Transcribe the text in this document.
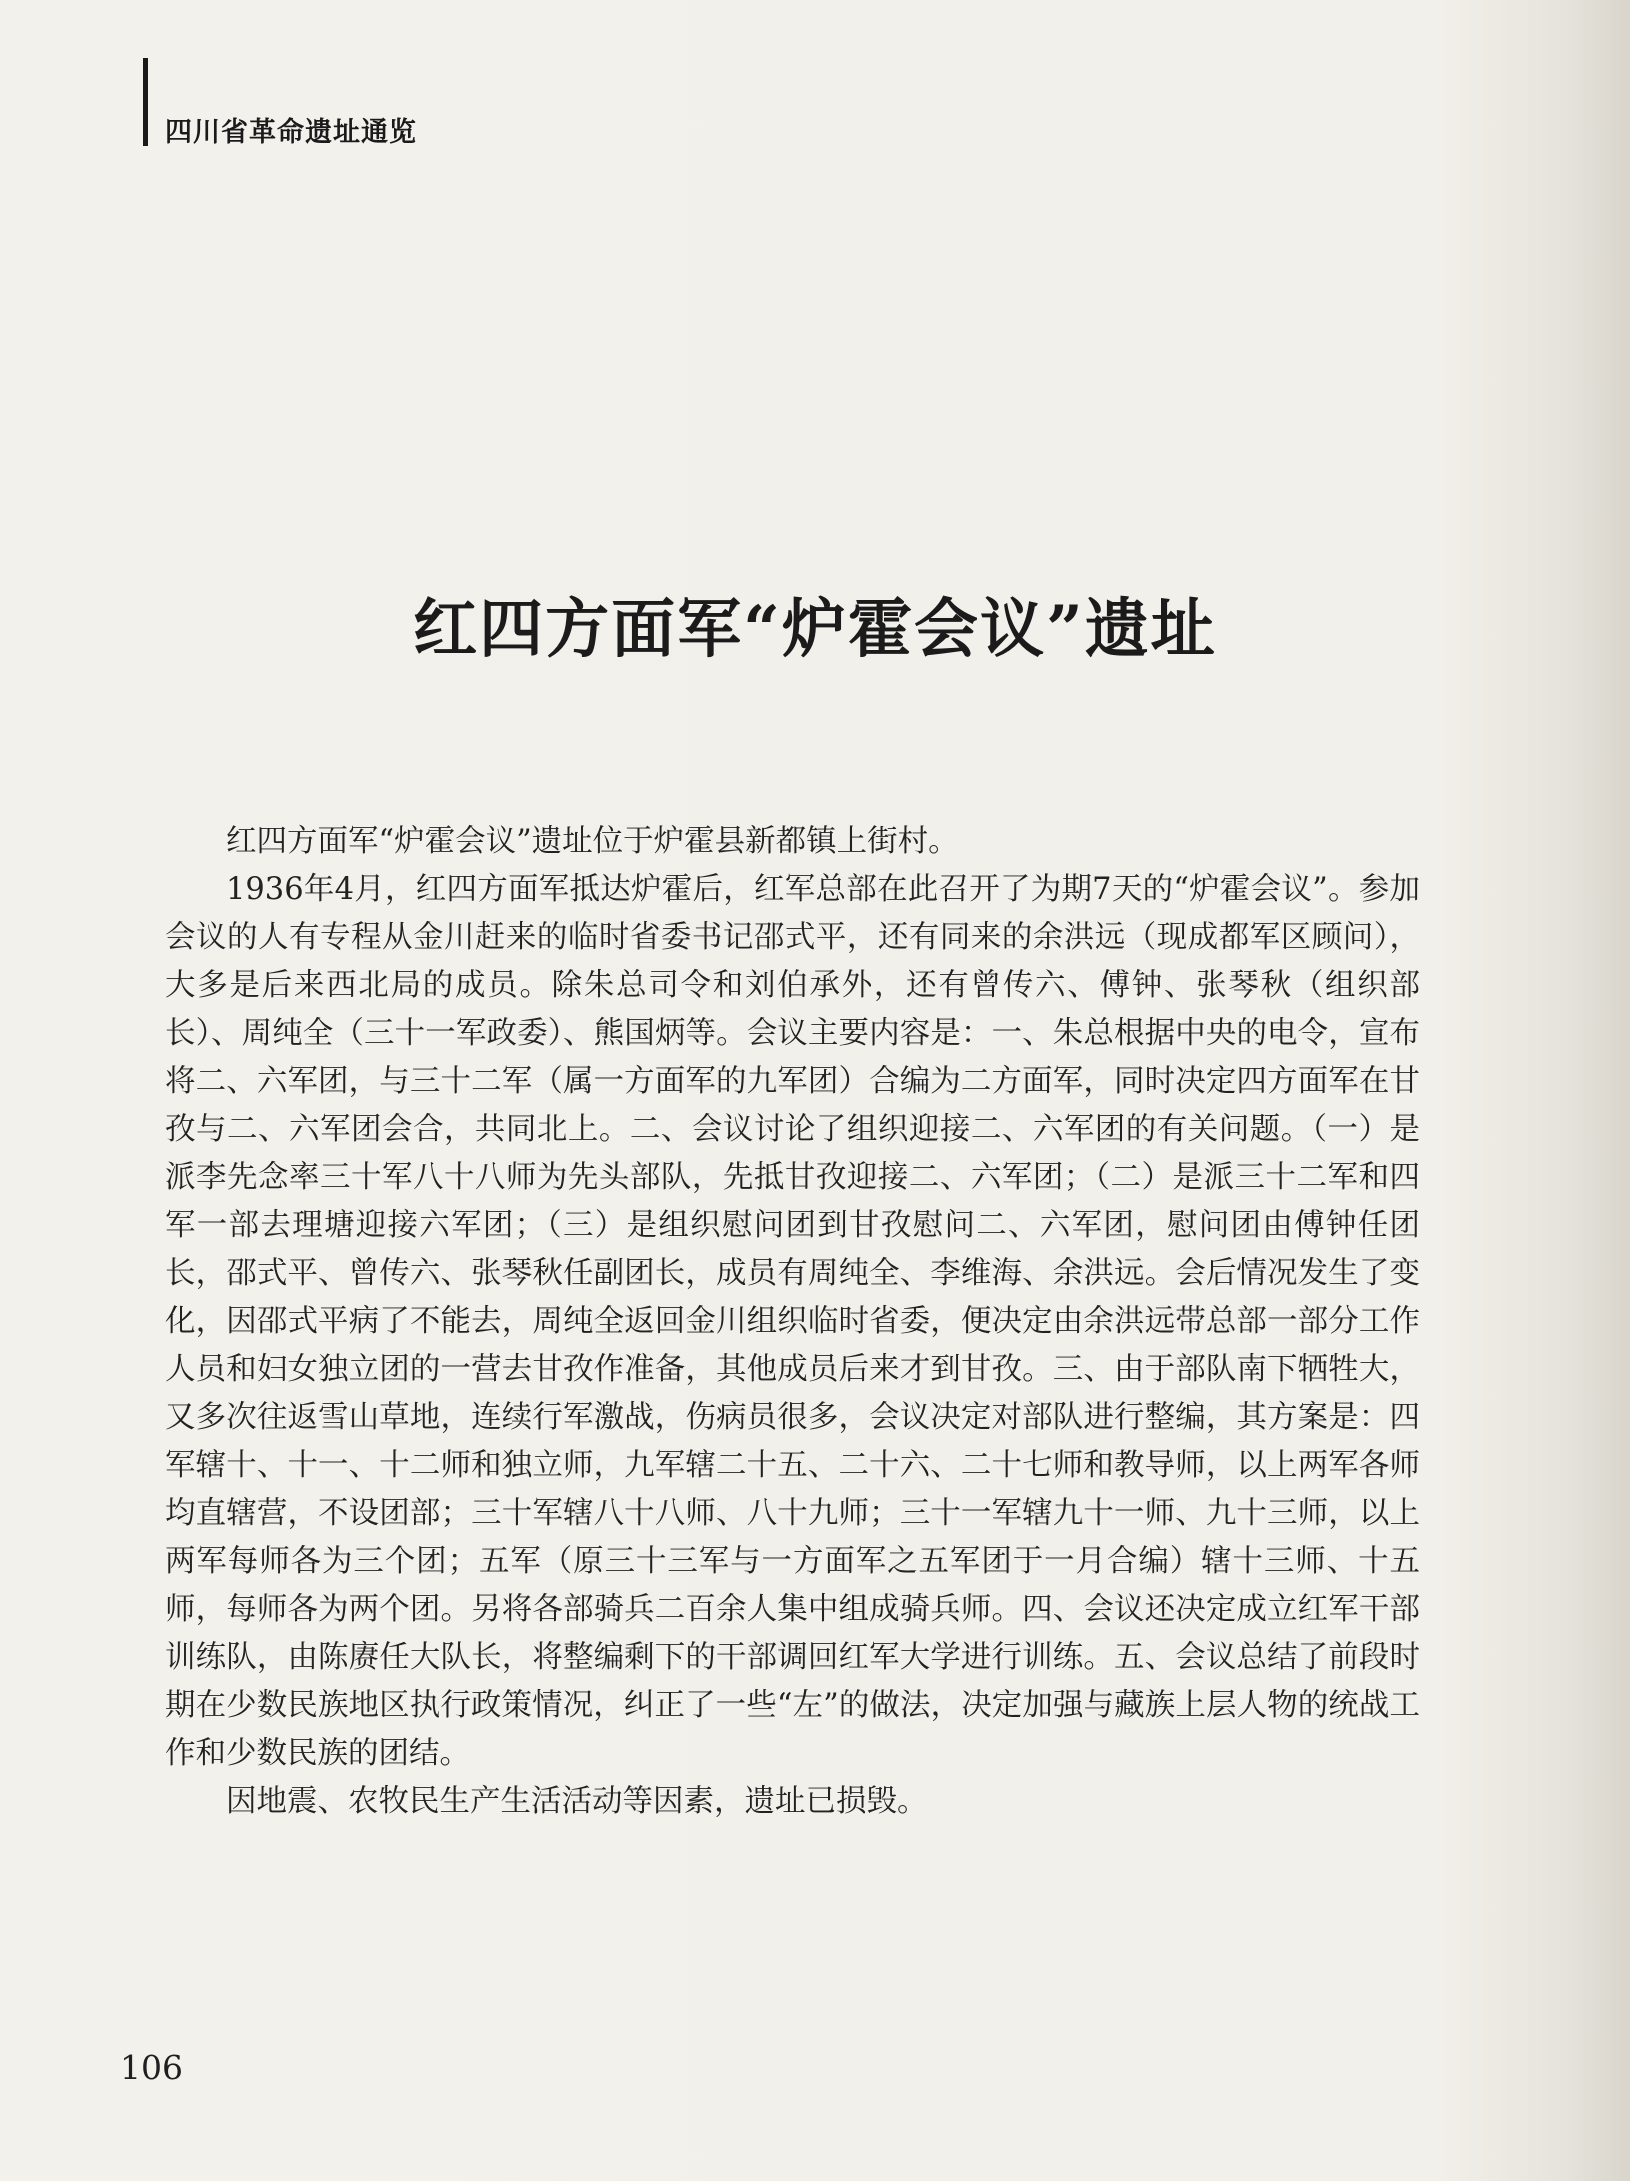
四川省革命遗址通览
红四方面军“炉霍会议”遗址

红四方面军“炉霍会议”遗址位于炉霍县新都镇上街村。

1936年4月，红四方面军抵达炉霍后，红军总部在此召开了为期7天的“炉霍会议”。参加会议的人有专程从金川赶来的临时省委书记邵式平，还有同来的余洪远（现成都军区顾问），大多是后来西北局的成员。除朱总司令和刘伯承外，还有曾传六、傅钟、张琴秋（组织部长）、周纯全（三十一军政委）、熊国炳等。会议主要内容是：一、朱总根据中央的电令，宣布将二、六军团，与三十二军（属一方面军的九军团）合编为二方面军，同时决定四方面军在甘孜与二、六军团会合，共同北上。二、会议讨论了组织迎接二、六军团的有关问题。（一）是派李先念率三十军八十八师为先头部队，先抵甘孜迎接二、六军团；（二）是派三十二军和四军一部去理塘迎接六军团；（三）是组织慰问团到甘孜慰问二、六军团，慰问团由傅钟任团长，邵式平、曾传六、张琴秋任副团长，成员有周纯全、李维海、余洪远。会后情况发生了变化，因邵式平病了不能去，周纯全返回金川组织临时省委，便决定由余洪远带总部一部分工作人员和妇女独立团的一营去甘孜作准备，其他成员后来才到甘孜。三、由于部队南下牺牲大，又多次往返雪山草地，连续行军激战，伤病员很多，会议决定对部队进行整编，其方案是：四军辖十、十一、十二师和独立师，九军辖二十五、二十六、二十七师和教导师，以上两军各师均直辖营，不设团部；三十军辖八十八师、八十九师；三十一军辖九十一师、九十三师，以上两军每师各为三个团；五军（原三十三军与一方面军之五军团于一月合编）辖十三师、十五师，每师各为两个团。另将各部骑兵二百余人集中组成骑兵师。四、会议还决定成立红军干部训练队，由陈赓任大队长，将整编剩下的干部调回红军大学进行训练。五、会议总结了前段时期在少数民族地区执行政策情况，纠正了一些“左”的做法，决定加强与藏族上层人物的统战工作和少数民族的团结。

因地震、农牧民生产生活活动等因素，遗址已损毁。

106
